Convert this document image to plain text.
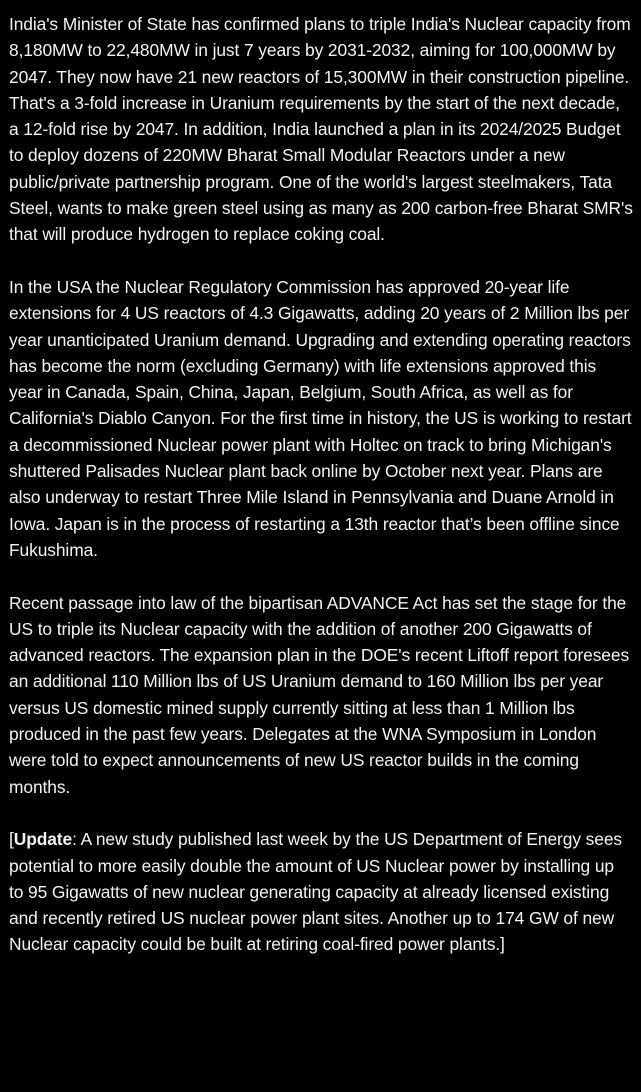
India's Minister of State has confirmed plans to triple India's Nuclear capacity from 8,180MW to 22,480MW in just 7 years by 2031-2032, aiming for 100,000MW by 2047. They now have 21 new reactors of 15,300MW in their construction pipeline. That's a 3-fold increase in Uranium requirements by the start of the next decade, a 12-fold rise by 2047. In addition, India launched a plan in its 2024/2025 Budget to deploy dozens of 220MW Bharat Small Modular Reactors under a new public/private partnership program. One of the world's largest steelmakers, Tata Steel, wants to make green steel using as many as 200 carbon-free Bharat SMR's that will produce hydrogen to replace coking coal.

In the USA the Nuclear Regulatory Commission has approved 20-year life extensions for 4 US reactors of 4.3 Gigawatts, adding 20 years of 2 Million lbs per year unanticipated Uranium demand. Upgrading and extending operating reactors has become the norm (excluding Germany) with life extensions approved this year in Canada, Spain, China, Japan, Belgium, South Africa, as well as for California's Diablo Canyon. For the first time in history, the US is working to restart a decommissioned Nuclear power plant with Holtec on track to bring Michigan's shuttered Palisades Nuclear plant back online by October next year. Plans are also underway to restart Three Mile Island in Pennsylvania and Duane Arnold in Iowa. Japan is in the process of restarting a 13th reactor that’s been offline since Fukushima.

Recent passage into law of the bipartisan ADVANCE Act has set the stage for the US to triple its Nuclear capacity with the addition of another 200 Gigawatts of advanced reactors. The expansion plan in the DOE's recent Liftoff report foresees an additional 110 Million lbs of US Uranium demand to 160 Million lbs per year versus US domestic mined supply currently sitting at less than 1 Million lbs produced in the past few years. Delegates at the WNA Symposium in London were told to expect announcements of new US reactor builds in the coming months.

[Update: A new study published last week by the US Department of Energy sees potential to more easily double the amount of US Nuclear power by installing up to 95 Gigawatts of new nuclear generating capacity at already licensed existing and recently retired US nuclear power plant sites. Another up to 174 GW of new Nuclear capacity could be built at retiring coal-fired power plants.]
